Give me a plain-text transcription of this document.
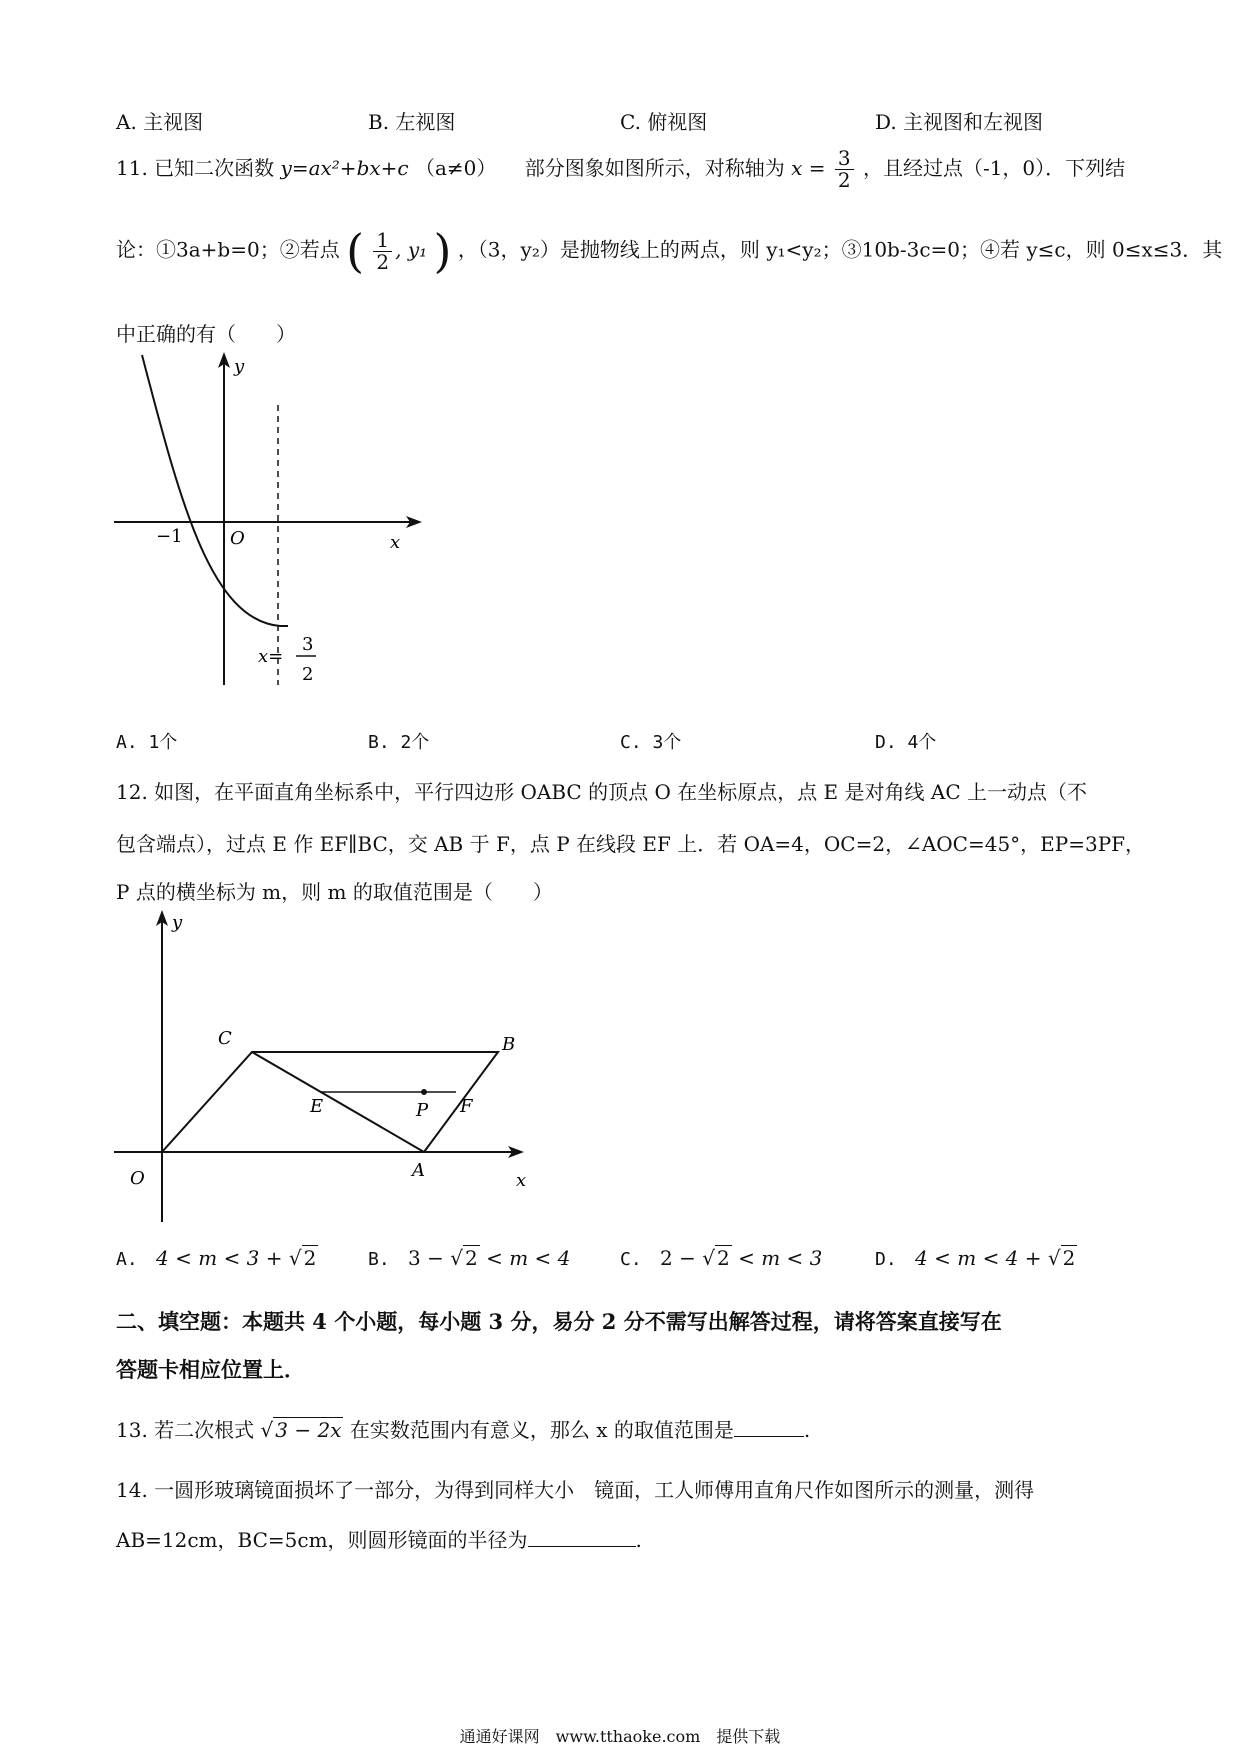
A. 主视图	B. 左视图	C. 俯视图	D. 主视图和左视图
11. 已知二次函数 y=ax²+bx+c （a≠0） 部分图象如图所示，对称轴为 $x = \frac{3}{2}$ ，且经过点（-1，0）．下列结
论：①3a+b=0；②若点 ( $\frac{1}{2}$ , y₁ ) ，（3，y₂）是抛物线上的两点，则 y₁<y₂；③10b-3c=0；④若 y≤c，则 0≤x≤3．其
中正确的有（　　）
y
x
O
−1
x=
3
2
A. 1个	B. 2个	C. 3个	D. 4个
12. 如图，在平面直角坐标系中，平行四边形 OABC 的顶点 O 在坐标原点，点 E 是对角线 AC 上一动点（不
包含端点），过点 E 作 EF∥BC，交 AB 于 F，点 P 在线段 EF 上．若 OA=4，OC=2，∠AOC=45°，EP=3PF，
P 点的横坐标为 m，则 m 的取值范围是（　　）
y
x
O	A
B
C
E	F
P
A. 4 < m < 3 + √ 2	B. 3 − √ 2 < m < 4	C. 2 − √ 2 < m < 3	D. 4 < m < 4 + √ 2
二、填空题：本题共 4 个小题，每小题 3 分，易分 2 分不需写出解答过程，请将答案直接写在
答题卡相应位置上．
13. 若二次根式 √ 3 − 2x 在实数范围内有意义，那么 x 的取值范围是	.
14. 一圆形玻璃镜面损坏了一部分，为得到同样大小　镜面，工人师傅用直角尺作如图所示的测量，测得
AB=12cm，BC=5cm，则圆形镜面的半径为	.
通通好课网　www.tthaoke.com　提供下载
